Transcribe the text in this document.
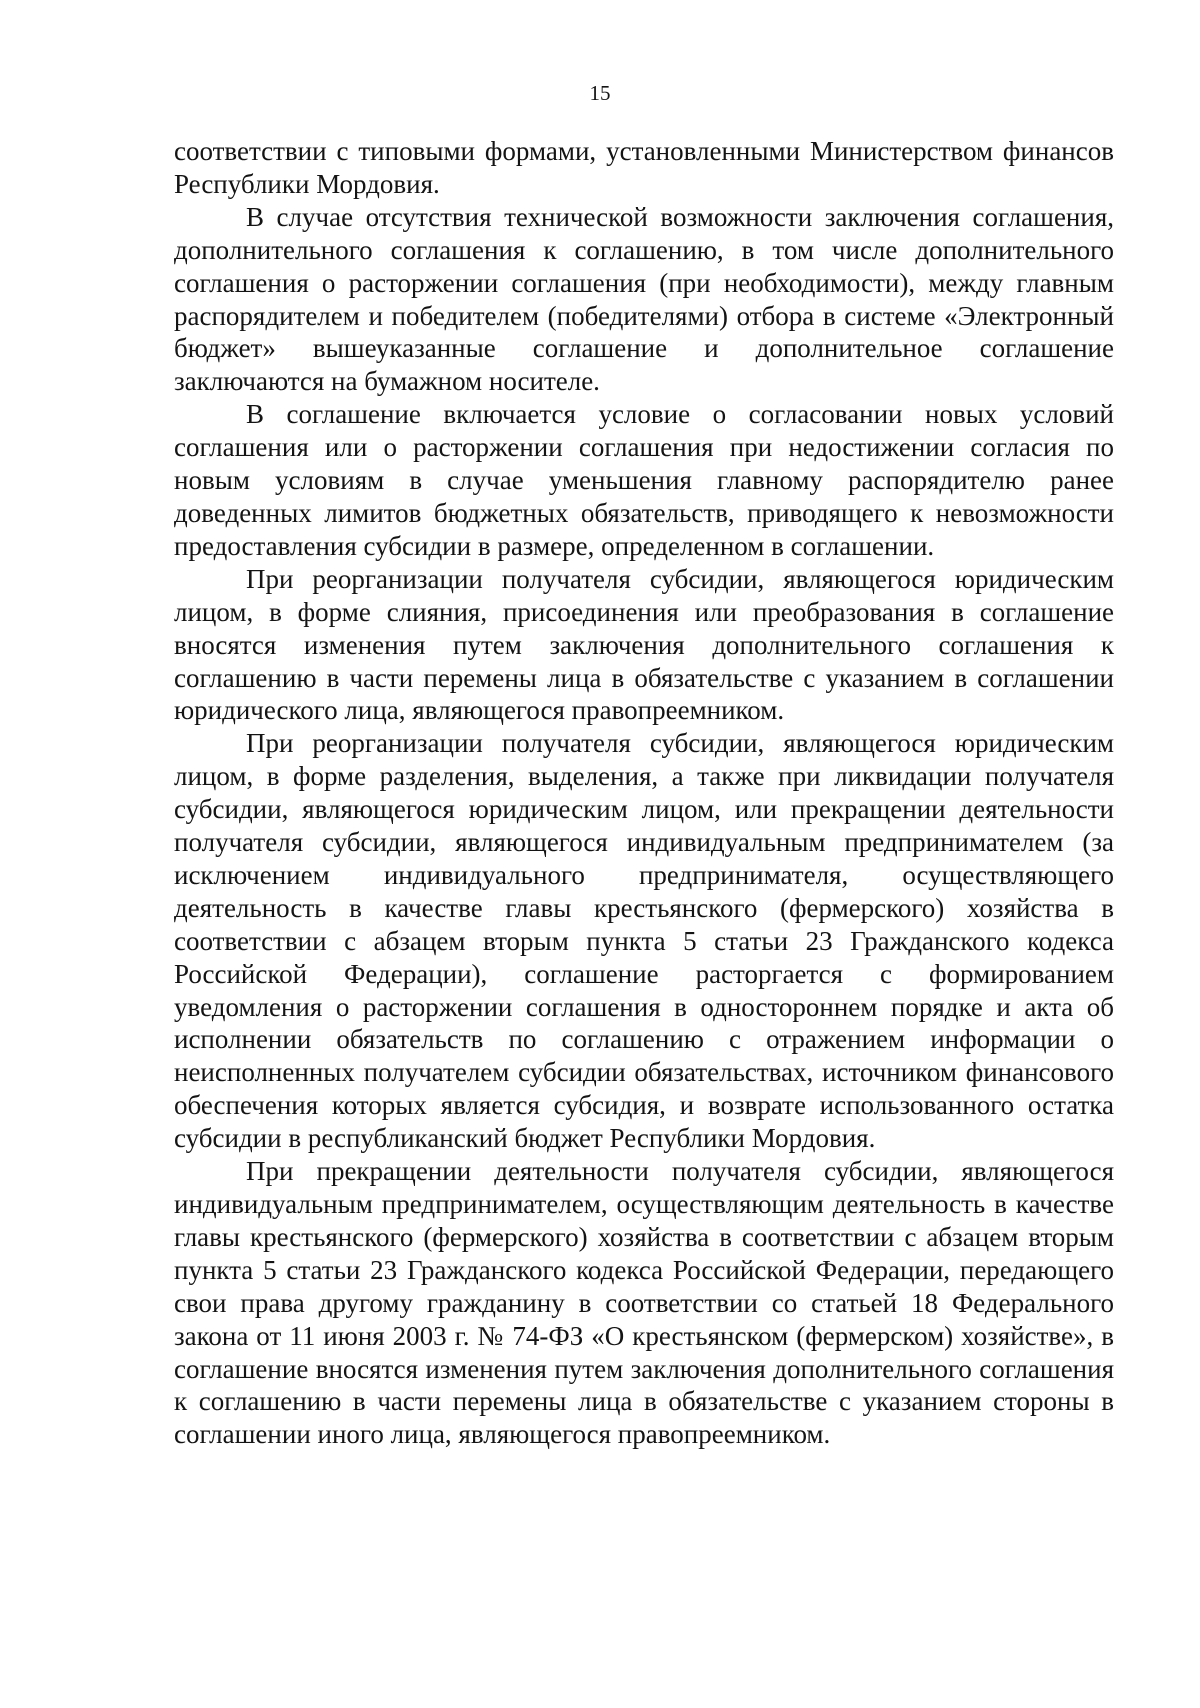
15

соответствии с типовыми формами, установленными Министерством финансов Республики Мордовия.

В случае отсутствия технической возможности заключения соглашения, дополнительного соглашения к соглашению, в том числе дополнительного соглашения о расторжении соглашения (при необходимости), между главным распорядителем и победителем (победителями) отбора в системе «Электронный бюджет» вышеуказанные соглашение и дополнительное соглашение заключаются на бумажном носителе.

В соглашение включается условие о согласовании новых условий соглашения или о расторжении соглашения при недостижении согласия по новым условиям в случае уменьшения главному распорядителю ранее доведенных лимитов бюджетных обязательств, приводящего к невозможности предоставления субсидии в размере, определенном в соглашении.

При реорганизации получателя субсидии, являющегося юридическим лицом, в форме слияния, присоединения или преобразования в соглашение вносятся изменения путем заключения дополнительного соглашения к соглашению в части перемены лица в обязательстве с указанием в соглашении юридического лица, являющегося правопреемником.

При реорганизации получателя субсидии, являющегося юридическим лицом, в форме разделения, выделения, а также при ликвидации получателя субсидии, являющегося юридическим лицом, или прекращении деятельности получателя субсидии, являющегося индивидуальным предпринимателем (за исключением индивидуального предпринимателя, осуществляющего деятельность в качестве главы крестьянского (фермерского) хозяйства в соответствии с абзацем вторым пункта 5 статьи 23 Гражданского кодекса Российской Федерации), соглашение расторгается с формированием уведомления о расторжении соглашения в одностороннем порядке и акта об исполнении обязательств по соглашению с отражением информации о неисполненных получателем субсидии обязательствах, источником финансового обеспечения которых является субсидия, и возврате использованного остатка субсидии в республиканский бюджет Республики Мордовия.

При прекращении деятельности получателя субсидии, являющегося индивидуальным предпринимателем, осуществляющим деятельность в качестве главы крестьянского (фермерского) хозяйства в соответствии с абзацем вторым пункта 5 статьи 23 Гражданского кодекса Российской Федерации, передающего свои права другому гражданину в соответствии со статьей 18 Федерального закона от 11 июня 2003 г. № 74-ФЗ «О крестьянском (фермерском) хозяйстве», в соглашение вносятся изменения путем заключения дополнительного соглашения к соглашению в части перемены лица в обязательстве с указанием стороны в соглашении иного лица, являющегося правопреемником.
